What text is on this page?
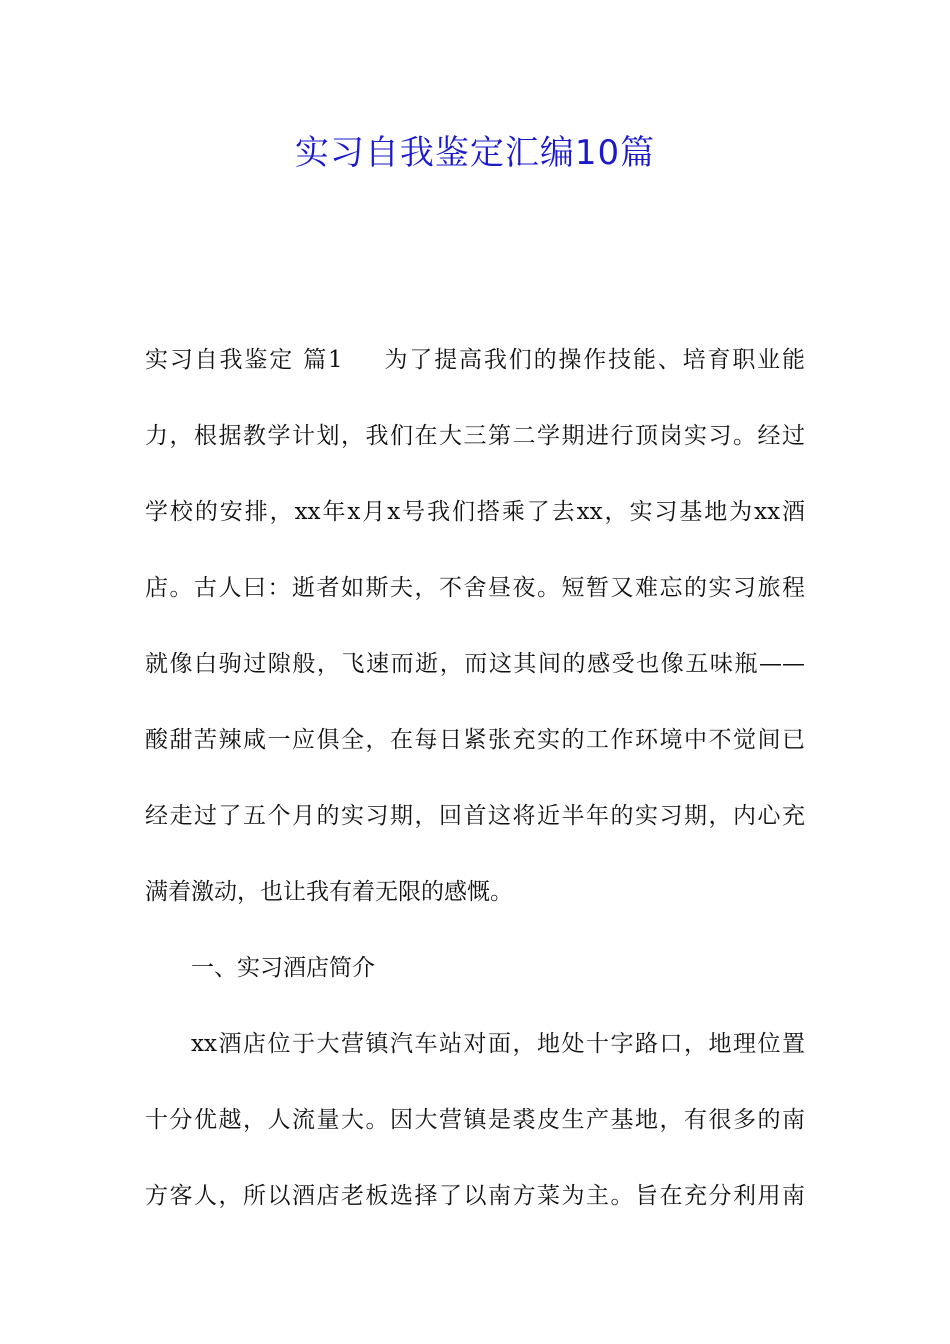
实习自我鉴定汇编10篇
实习自我鉴定 篇1 为了提高我们的操作技能、培育职业能
力，根据教学计划，我们在大三第二学期进行顶岗实习。经过
学校的安排，xx年x月x号我们搭乘了去xx，实习基地为xx酒
店。古人曰：逝者如斯夫，不舍昼夜。短暂又难忘的实习旅程
就像白驹过隙般，飞速而逝，而这其间的感受也像五味瓶——
酸甜苦辣咸一应俱全，在每日紧张充实的工作环境中不觉间已
经走过了五个月的实习期，回首这将近半年的实习期，内心充
满着激动，也让我有着无限的感慨。
一、实习酒店简介
xx酒店位于大营镇汽车站对面，地处十字路口，地理位置
十分优越，人流量大。因大营镇是裘皮生产基地，有很多的南
方客人，所以酒店老板选择了以南方菜为主。旨在充分利用南
